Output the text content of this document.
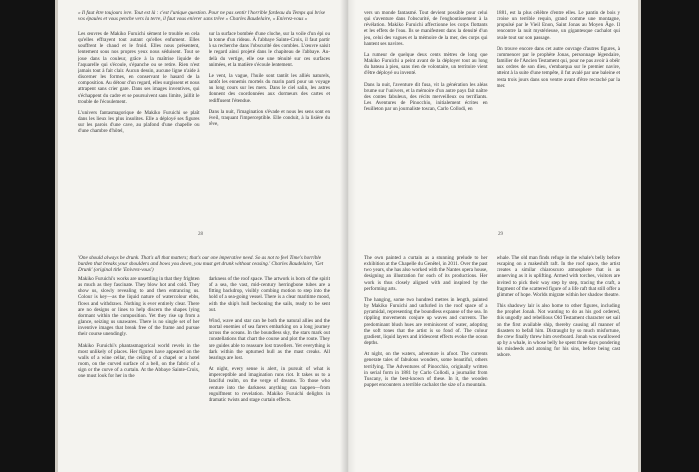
« Il faut être toujours ivre. Tout est là : c'est l'unique question. Pour ne pas sentir l'horrible fardeau du Temps qui brise vos épaules et vous penche vers la terre, il faut vous enivrer sans trêve » Charles Baudelaire, « Enivrez-vous »

Les œuvres de Makiko Furuichi sèment le trouble en cela qu'elles effrayent tout autant qu'elles enfument. Elles souffrent le chaud et le froid. Elles nous présentent, lentement sous nos propres yeux nous séduisent. Tout se joue dans la couleur, grâce à la maîtrise liquide de l'aquarelle qui s'écoule, s'épanche ou se retire. Rien n'est jamais tout à fait clair. Aucun dessin, aucune ligne n'aide à discerner les formes, en conservant le hasard de la composition. Au détour d'un regard, elles surgissent et nous attrapent sans crier gare. Dans ses images inventives, qui s'échappent du cadre et se poursuivent sans limite, jaillit le trouble de l'écoulement.

L'univers fantasmagorique de Makiko Furuichi se plaît dans les lieux les plus insolites. Elle a déployé ses figures sur les parois d'une cave, au plafond d'une chapelle ou d'une chambre d'hôtel,

sur la surface bombée d'une cloche, sur la voile d'un épi ou la tonne d'un rideau. À l'abbaye Sainte-Croix, il faut partir à sa recherche dans l'obscurité des combles. L'œuvre saisit le regard ainsi projeté dans le chapiteau de l'abbaye. Au-delà du vertige, elle ose une ténuité sur ces surfaces animées, et la matière s'écoule lentement.

Le vent, la vague, l'huile sont tantôt les alliés naturels, tantôt les ennemis mortels du marin parti pour un voyage au long cours sur les mers. Dans le ciel salin, les astres donnent des coordonnées aux dormeurs des cartes et rediffusent l'étendue.

Dans la nuit, l'imagination s'évade et nous les sens sont en éveil, traquant l'imperceptible. Elle conduit, à la lisière du rêve,

28
'One should always be drunk. That's all that matters; that's our one imperative need. So as not to feel Time's horrible burden that breaks your shoulders and bows you down, you must get drunk without ceasing.' Charles Baudelaire, 'Get Drunk' (original title 'Enivrez-vous')

Makiko Furuichi's works are unsettling in that they frighten as much as they fascinate. They blow hot and cold. They show us, slowly revealing to and then entrancing us. Colour is key—as the liquid nature of watercolour ebbs, flows and withdraws. Nothing is ever entirely clear. There are no designs or lines to help discern the shapes lying dormant within the composition. Yet they rise up from a glance, seizing us unawares. There is no single set of her inventive images that break free of the frame and pursue their course unendingly.

Makiko Furuichi's phantasmagorical world revels in the most unlikely of places. Her figures have appeared on the walls of a wine cellar, the ceiling of a chapel or a hotel room, on the curved surface of a bell, on the fabric of a sign or the curve of a curtain. At the Abbaye Sainte-Croix, one must look for her in the

darkness of the roof space. The artwork is born of the spirit of a sea, the vast, mid-century herringbone tubes are a fitting backdrop, visibly combing motion to step into the hold of a sea-going vessel. There is a clear maritime mood, with the ship's hull beckoning the sails, ready to be sent out.

Wind, wave and star can be both the natural allies and the mortal enemies of sea farers embarking on a long journey across the oceans. In the boundless sky, the stars mark out constellations that chart the course and plot the route. They are guides able to reassure lost travellers. Yet everything is dark within the upturned hull as the mast creaks. All bearings are lost.

At night, every sense is alert, in pursuit of what is imperceptible and imagination runs riot. It takes us to a fanciful realm, on the verge of dreams. To those who venture into the darkness anything can happen—from engulfment to revelation. Makiko Furuichi delights in dramatic twists and stage curtain effects.

vers un monde fantasmé. Tout devient possible pour celui qui s'aventure dans l'obscurité, de l'enghoutissement à la révélation. Makiko Furuichi affectionne les corps flottants et les effets de l'eau. Ils se manifestent dans la densité d'un jeu, celui des vagues et la mémoire de la mer, des corps qui hantent ses navires.

La rumeur de quelque deux cents mètres de long que Makiko Furuichi a peint avant de la déployer tout au long du bateau à pieu, sans rien de volontaire, un territoire vient d'être déployé ou inventé.

Dans la nuit, l'aventure dit fusa, vit la génération les aléas brume sur l'univers, et la mémoire d'un autre pays fait naître des contes fabuleux, des récits merveilleux ou terrifiants. Les Aventures de Pinocchio, initialement écrites en feuilleton par un journaliste toscan, Carlo Collodi, en

1881, est la plus célèbre d'entre elles. Le pantin de bois y croise un terrible requin, grand comme une montagne, propulsé par le Vieil Enon, Saint Jonas au Moyen Âge. Il rencontre la nuit mystérieuse, un gigantesque cachalot qui avale tout sur son passage.

On trouve encore dans cet autre ouvrage d'autres figures, à commencer par le prophète Jonas, personnage légendaire, familier de l'Ancien Testament qui, pour ne pas avoir à obéir aux ordres de son dieu, s'embarqua sur le premier navire, atteint à la suite d'une tempête, il fut avalé par une baleine et resta trois jours dans son ventre avant d'être recraché par la mer.

29

The own painted a curtain as a stunning prelude to her exhibition at the Chapelle du Genêtel, in 2011. Over the past two years, she has also worked with the Nantes opera house, designing an illustration for each of its productions. Her work is thus closely aligned with and inspired by the performing arts.

The hanging, some two hundred metres in length, painted by Makiko Furuichi and unfurled in the roof space of a pyramidal, representing the boundless expanse of the sea. In rippling movements conjure up waves and currents. The predominant blush hues are reminiscent of water, adopting the soft tones that the artist is so fond of. The colour gradient, liquid layers and iridescent effects evoke the ocean depths.

At night, on the waters, adventure is afoot. The currents generate tales of fabulous wonders, some beautiful, others terrifying. The Adventures of Pinocchio, originally written in serial form in 1881 by Carlo Collodi, a journalist from Tuscany, is the best-known of these. In it, the wooden puppet encounters a terrible cachalot the size of a mountain.

whale. The old man finds refuge in the whale's belly before escaping on a makeshift raft. In the roof space, the artist creates a similar chiaroscuro atmosphere that is as unnerving as it is uplifting. Armed with torches, visitors are invited to pick their way step by step, tracing the craft, a fragment of the scattered figure of a life raft that still offer a glimmer of hope. Worlds migrate within her shadow theatre.

This shadowy lair is also home to other figures, including the prophet Jonah. Not wanting to do as his god ordered, this ungodly and rebellious Old Testament character set sail on the first available ship, thereby causing all manner of disasters to befall him. Distraught by so much misfortune, the crew finally threw him overboard. Jonah was swallowed up by a whale, in whose belly he spent three days pondering his misdeeds and atoning for his sins, before being cast ashore.
